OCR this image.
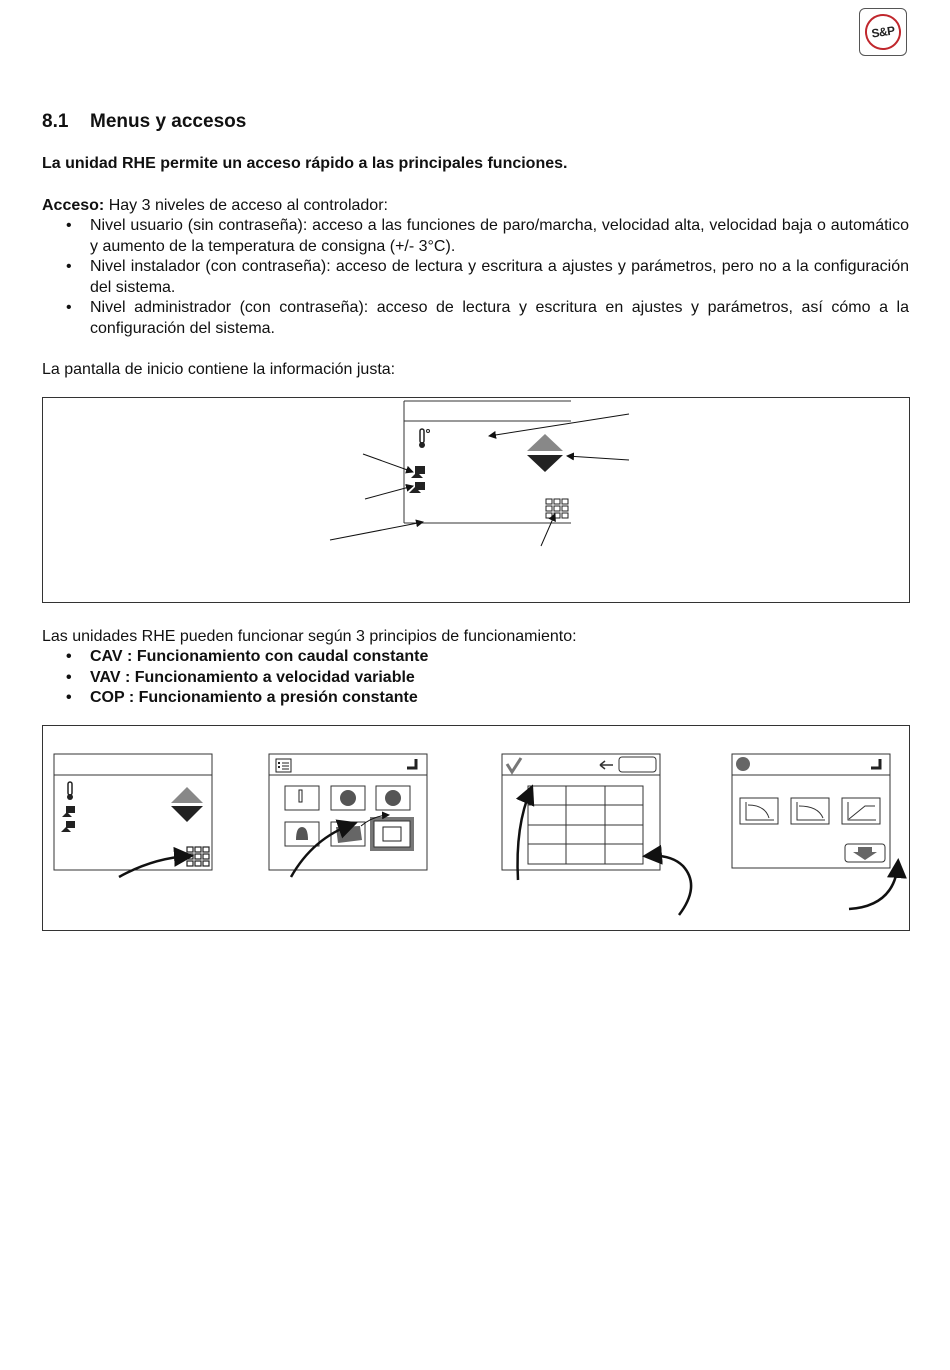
S&P
8.1 Menus y accesos
La unidad RHE permite un acceso rápido a las principales funciones.
Acceso: Hay 3 niveles de acceso al controlador:
• Nivel usuario (sin contraseña): acceso a las funciones de paro/marcha, velocidad alta, velocidad baja o automático y aumento de la temperatura de consigna (+/- 3°C).
• Nivel instalador (con contraseña): acceso de lectura y escritura a ajustes y parámetros, pero no a la configuración del sistema.
• Nivel administrador (con contraseña): acceso de lectura y escritura en ajustes y parámetros, así cómo a la configuración del sistema.
La pantalla de inicio contiene la información justa:
Las unidades RHE pueden funcionar según 3 principios de funcionamiento:
• CAV : Funcionamiento con caudal constante
• VAV : Funcionamiento a velocidad variable
• COP : Funcionamiento a presión constante
